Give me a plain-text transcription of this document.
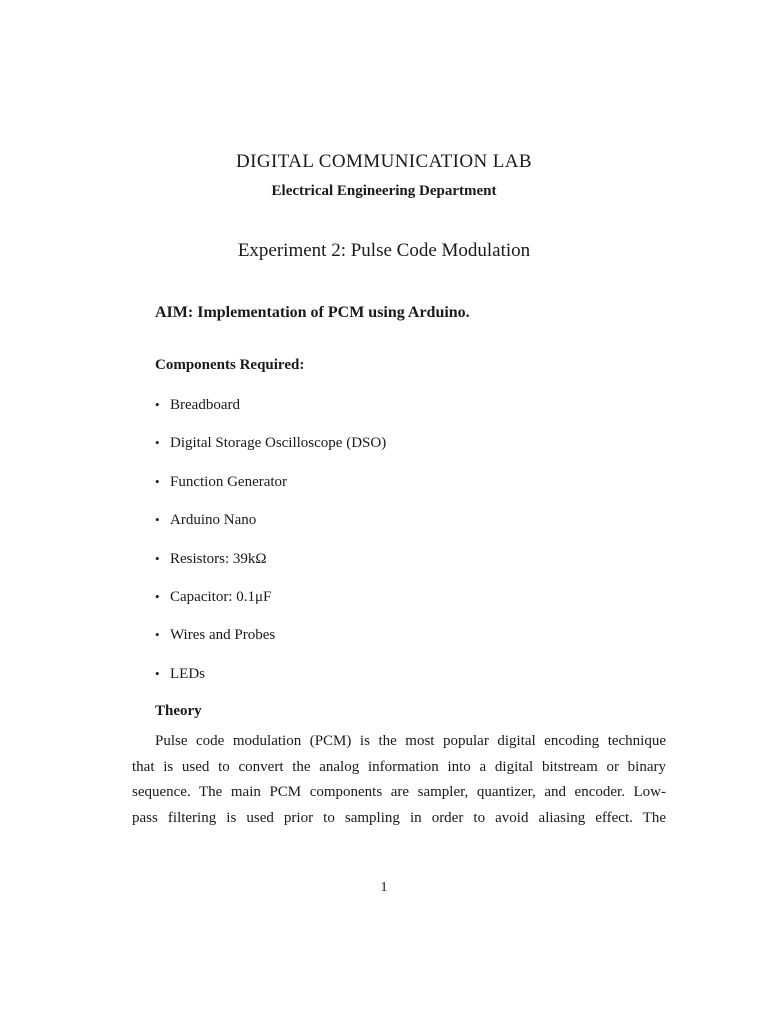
DIGITAL COMMUNICATION LAB
Electrical Engineering Department
Experiment 2: Pulse Code Modulation
AIM: Implementation of PCM using Arduino.
Components Required:
• Breadboard
• Digital Storage Oscilloscope (DSO)
• Function Generator
• Arduino Nano
• Resistors: 39kΩ
• Capacitor: 0.1μF
• Wires and Probes
• LEDs
Theory
Pulse code modulation (PCM) is the most popular digital encoding technique
that is used to convert the analog information into a digital bitstream or binary
sequence. The main PCM components are sampler, quantizer, and encoder. Low-
pass filtering is used prior to sampling in order to avoid aliasing effect. The
1
